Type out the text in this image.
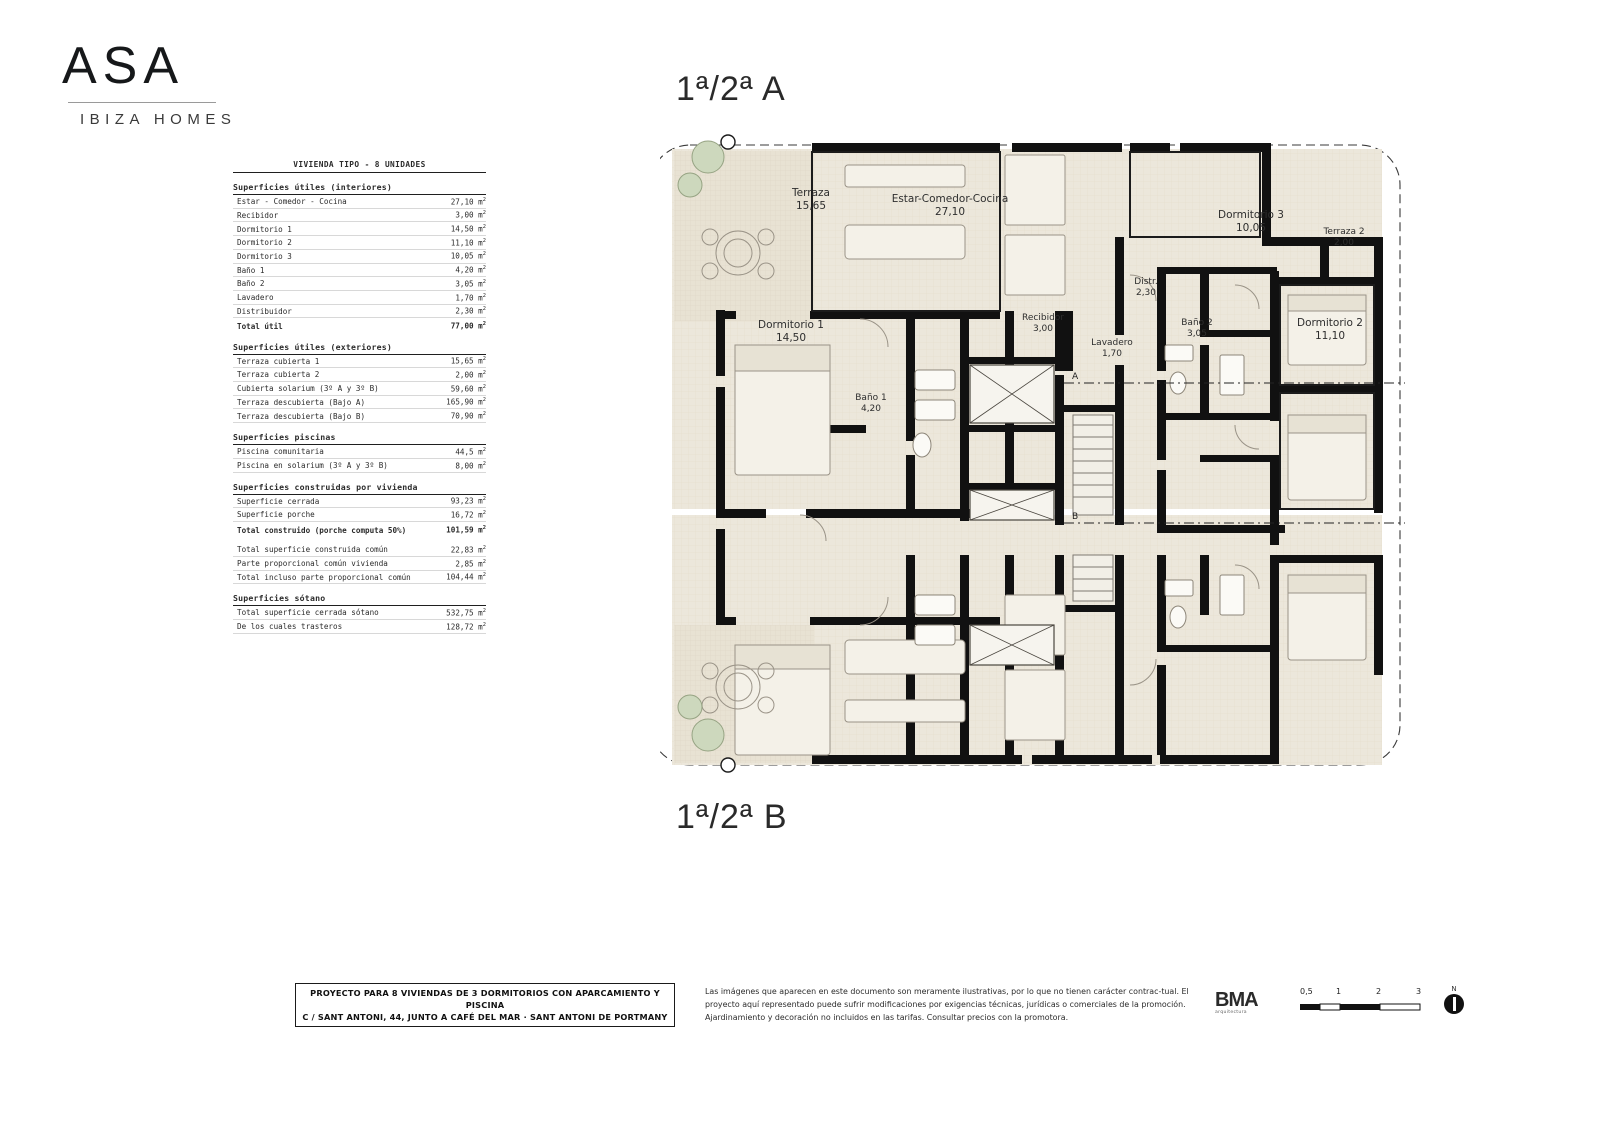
ASA
IBIZA HOMES
VIVIENDA TIPO - 8 UNIDADES
Superficies útiles (interiores)
Estar - Comedor - Cocina	27,10 $m^2$
Recibidor	3,00 $m^2$
Dormitorio 1	14,50 $m^2$
Dormitorio 2	11,10 $m^2$
Dormitorio 3	10,05 $m^2$
Baño 1	4,20 $m^2$
Baño 2	3,05 $m^2$
Lavadero	1,70 $m^2$
Distribuidor	2,30 $m^2$
Total útil	77,00 $m^2$
Superficies útiles (exteriores)
Terraza cubierta 1	15,65 $m^2$
Terraza cubierta 2	2,00 $m^2$
Cubierta solarium (3º A y 3º B)	59,60 $m^2$
Terraza descubierta (Bajo A)	165,90 $m^2$
Terraza descubierta (Bajo B)	70,90 $m^2$
Superficies piscinas
Piscina comunitaria	44,5 $m^2$
Piscina en solarium (3º A y 3º B)	8,00 $m^2$
Superficies construidas por vivienda
Superficie cerrada	93,23 $m^2$
Superficie porche	16,72 $m^2$
Total construido (porche computa 50%)	101,59 $m^2$
Total superficie construida común	22,83 $m^2$
Parte proporcional común vivienda	2,85 $m^2$
Total incluso parte proporcional común	104,44 $m^2$
Superficies sótano
Total superficie cerrada sótano	532,75 $m^2$
De los cuales trasteros	128,72 $m^2$
1ª/2ª A
1ª/2ª B
A
B
Terraza
15,65
Estar-Comedor-Cocina
27,10	Dormitorio 3
10,05	Terraza 2
2,00
Distr.
2,30
Recibidor
3,00
Lavadero
1,70
Baño 2
3,05
Dormitorio 2
11,10
Dormitorio 1
14,50
Baño 1
4,20
PROYECTO PARA 8 VIVIENDAS DE 3 DORMITORIOS CON APARCAMIENTO Y PISCINA
C / SANT ANTONI, 44, JUNTO A CAFÉ DEL MAR · SANT ANTONI DE PORTMANY
Las imágenes que aparecen en este documento son meramente ilustrativas, por lo que no tienen carácter contrac-tual. El proyecto aquí representado puede sufrir modificaciones por exigencias técnicas, jurídicas o comerciales de la promoción. Ajardinamiento y decoración no incluidos en las tarifas. Consultar precios con la promotora.
BMA
arquitectura
0,5	1	2	3	N
